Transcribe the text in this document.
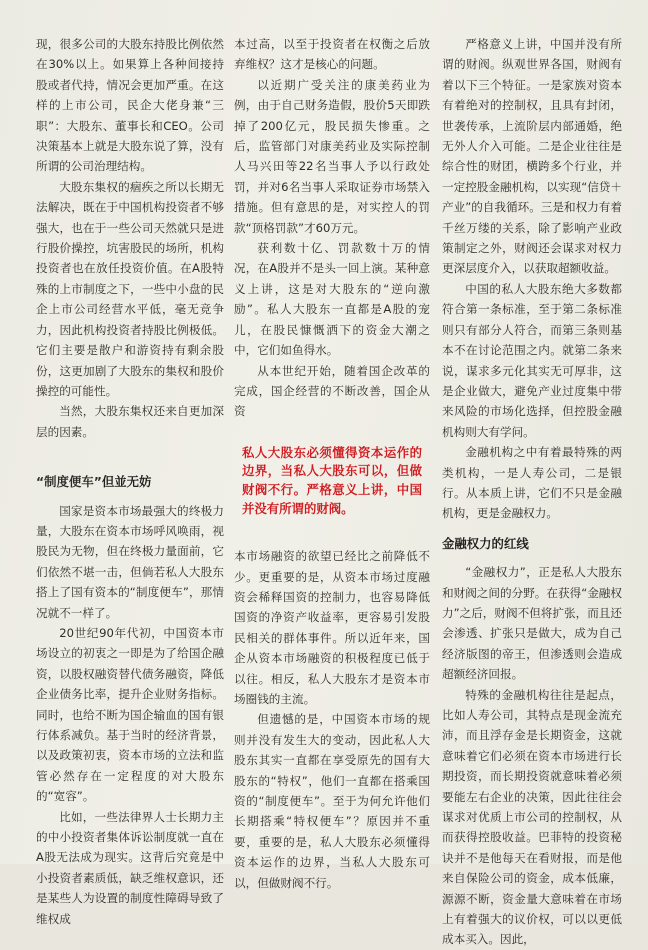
现，很多公司的大股东持股比例依然在30%以上。如果算上各种间接持股或者代持，情况会更加严重。在这样的上市公司，民企大佬身兼“三职”：大股东、董事长和CEO。公司决策基本上就是大股东说了算，没有所谓的公司治理结构。

大股东集权的痼疾之所以长期无法解决，既在于中国机构投资者不够强大，也在于一些公司天然就只是进行股价操控，坑害股民的场所，机构投资者也在放任投资价值。在A股特殊的上市制度之下，一些中小盘的民企上市公司经营水平低，毫无竞争力，因此机构投资者持股比例极低。它们主要是散户和游资持有剩余股份，这更加剧了大股东的集权和股价操控的可能性。

当然，大股东集权还来自更加深层的因素。

“制度便车”但並无妨

国家是资本市场最强大的终极力量，大股东在资本市场呼风唤雨，视股民为无物，但在终极力量面前，它们依然不堪一击，但倘若私人大股东搭上了国有资本的“制度便车”，那情况就不一样了。

20世纪90年代初，中国资本市场设立的初衷之一即是为了给国企融资，以股权融资替代债务融资，降低企业债务比率，提升企业财务指标。同时，也给不断为国企输血的国有银行体系减负。基于当时的经济背景，以及政策初衷，资本市场的立法和监管必然存在一定程度的对大股东的“宽容”。

比如，一些法律界人士长期力主的中小投资者集体诉讼制度就一直在A股无法成为现实。这背后究竟是中小投资者素质低，缺乏维权意识，还是某些人为设置的制度性障碍导致了维权成

本过高，以至于投资者在权衡之后放弃维权？这才是核心的问题。

以近期广受关注的康美药业为例，由于自己财务造假，股价5天即跌掉了200亿元，股民损失惨重。之后，监管部门对康美药业及实际控制人马兴田等22名当事人予以行政处罚，并对6名当事人采取证券市场禁入措施。但有意思的是，对实控人的罚款“顶格罚款”才60万元。

获利数十亿、罚款数十万的情况，在A股并不是头一回上演。某种意义上讲，这是对大股东的“逆向激励”。私人大股东一直都是A股的宠儿，在股民慷慨洒下的资金大潮之中，它们如鱼得水。

从本世纪开始，随着国企改革的完成，国企经营的不断改善，国企从资

私人大股东必须懂得资本运作的边界，当私人大股东可以，但做财阀不行。严格意义上讲，中国并没有所谓的财阀。

本市场融资的欲望已经比之前降低不少。更重要的是，从资本市场过度融资会稀释国资的控制力，也容易降低国资的净资产收益率，更容易引发股民相关的群体事件。所以近年来，国企从资本市场融资的积极程度已低于以往。相反，私人大股东才是资本市场圈钱的主流。

但遗憾的是，中国资本市场的规则并没有发生大的变动，因此私人大股东其实一直都在享受原先的国有大股东的“特权”，他们一直都在搭乘国资的“制度便车”。至于为何允许他们长期搭乘“特权便车”？原因并不重要，重要的是，私人大股东必须懂得资本运作的边界，当私人大股东可以，但做财阀不行。

严格意义上讲，中国并没有所谓的财阀。纵观世界各国，财阀有着以下三个特征。一是家族对资本有着绝对的控制权，且具有封闭，世袭传承，上流阶层内部通婚，绝无外人介入可能。二是企业往往是综合性的财团，横跨多个行业，并一定控股金融机构，以实现“信贷＋产业”的自我循环。三是和权力有着千丝万缕的关系，除了影响产业政策制定之外，财阀还会谋求对权力更深层度介入，以获取超额收益。

中国的私人大股东绝大多数都符合第一条标准，至于第二条标准则只有部分人符合，而第三条则基本不在讨论范围之内。就第二条来说，谋求多元化其实无可厚非，这是企业做大，避免产业过度集中带来风险的市场化选择，但控股金融机构则大有学问。

金融机构之中有着最特殊的两类机构，一是人寿公司，二是银行。从本质上讲，它们不只是金融机构，更是金融权力。

金融权力的红线

“金融权力”，正是私人大股东和财阀之间的分野。在获得“金融权力”之后，财阀不但将扩张，而且还会渗透、扩张只是做大，成为自己经济版图的帝王，但渗透则会造成超额经济回报。

特殊的金融机构往往是起点，比如人寿公司，其特点是现金流充沛，而且浮存金是长期资金，这就意味着它们必须在资本市场进行长期投资，而长期投资就意味着必须要能左右企业的决策，因此往往会谋求对优质上市公司的控制权，从而获得控股收益。巴菲特的投资秘诀并不是他每天在看财报，而是他来自保险公司的资金，成本低廉，源源不断，资金量大意味着在市场上有着强大的议价权，可以以更低成本买入。因此，
